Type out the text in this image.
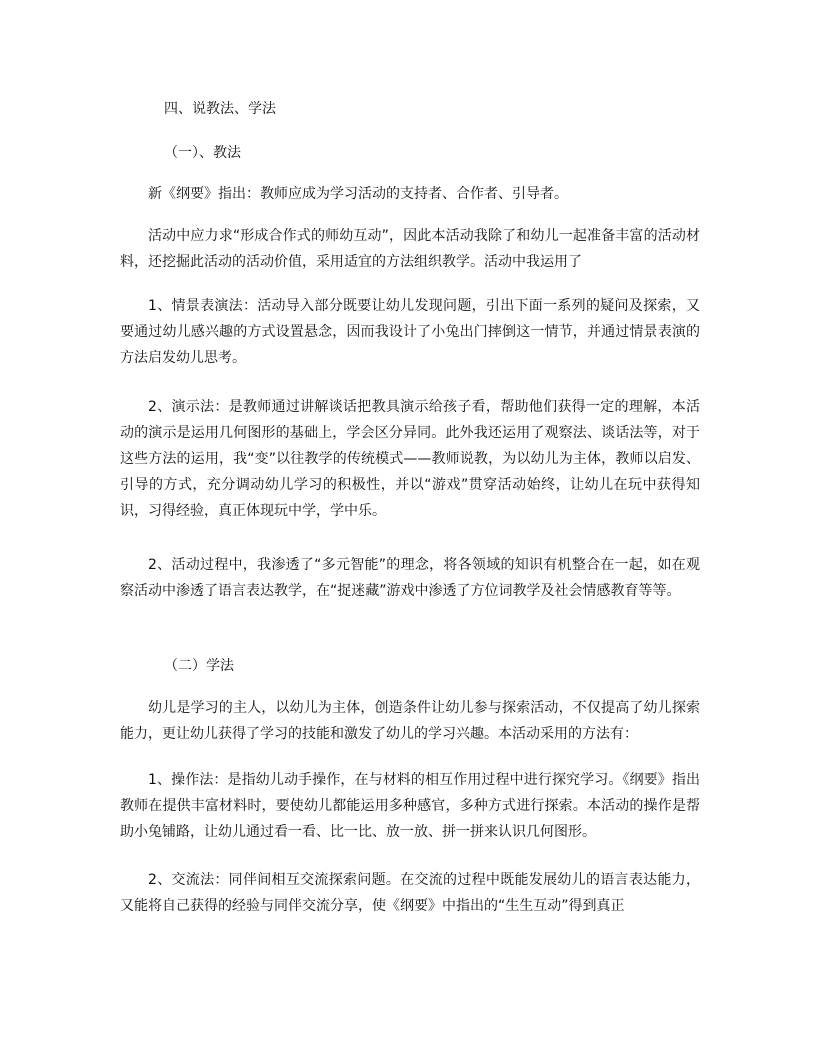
四、说教法、学法

（一）、教法

新《纲要》指出：教师应成为学习活动的支持者、合作者、引导者。

活动中应力求“形成合作式的师幼互动”，因此本活动我除了和幼儿一起准备丰富的活动材料，还挖掘此活动的活动价值，采用适宜的方法组织教学。活动中我运用了

1、情景表演法：活动导入部分既要让幼儿发现问题，引出下面一系列的疑问及探索，又要通过幼儿感兴趣的方式设置悬念，因而我设计了小兔出门摔倒这一情节，并通过情景表演的方法启发幼儿思考。

2、演示法：是教师通过讲解谈话把教具演示给孩子看，帮助他们获得一定的理解，本活动的演示是运用几何图形的基础上，学会区分异同。此外我还运用了观察法、谈话法等，对于这些方法的运用，我“变”以往教学的传统模式——教师说教，为以幼儿为主体，教师以启发、引导的方式，充分调动幼儿学习的积极性，并以“游戏”贯穿活动始终，让幼儿在玩中获得知识，习得经验，真正体现玩中学，学中乐。

2、活动过程中，我渗透了“多元智能”的理念，将各领域的知识有机整合在一起，如在观察活动中渗透了语言表达教学，在“捉迷藏”游戏中渗透了方位词教学及社会情感教育等等。

（二）学法

幼儿是学习的主人，以幼儿为主体，创造条件让幼儿参与探索活动，不仅提高了幼儿探索能力，更让幼儿获得了学习的技能和激发了幼儿的学习兴趣。本活动采用的方法有：

1、操作法：是指幼儿动手操作，在与材料的相互作用过程中进行探究学习。《纲要》指出教师在提供丰富材料时，要使幼儿都能运用多种感官，多种方式进行探索。本活动的操作是帮助小兔铺路，让幼儿通过看一看、比一比、放一放、拼一拼来认识几何图形。

2、交流法：同伴间相互交流探索问题。在交流的过程中既能发展幼儿的语言表达能力，又能将自己获得的经验与同伴交流分享，使《纲要》中指出的“生生互动”得到真正
